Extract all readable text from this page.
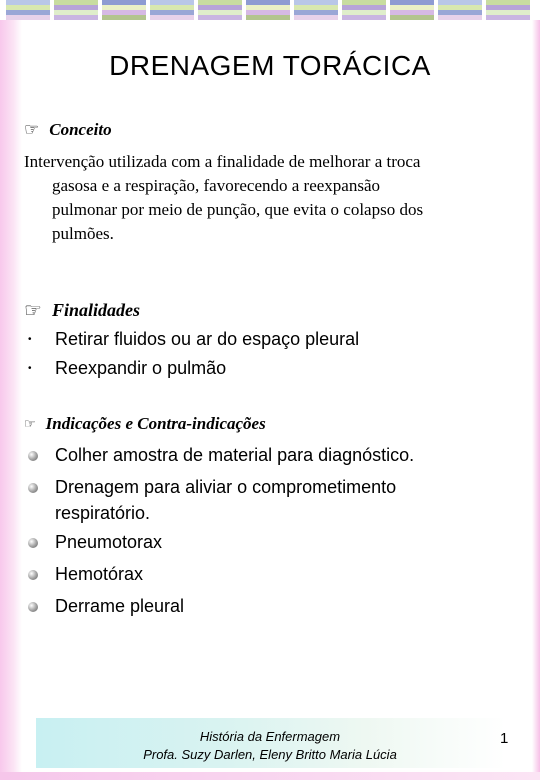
DRENAGEM TORÁCICA
☞ Conceito
Intervenção utilizada com a finalidade de melhorar a troca
gasosa e a respiração, favorecendo a reexpansão
pulmonar por meio de punção, que evita o colapso dos
pulmões.
☞ Finalidades
•	Retirar fluidos ou ar do espaço pleural
•	Reexpandir o pulmão
☞ Indicações e Contra-indicações
Colher amostra de material para diagnóstico.
Drenagem para aliviar o comprometimento respiratório.
Pneumotorax
Hemotórax
Derrame pleural
História da Enfermagem
Profa. Suzy Darlen, Eleny Britto Maria Lúcia
1
